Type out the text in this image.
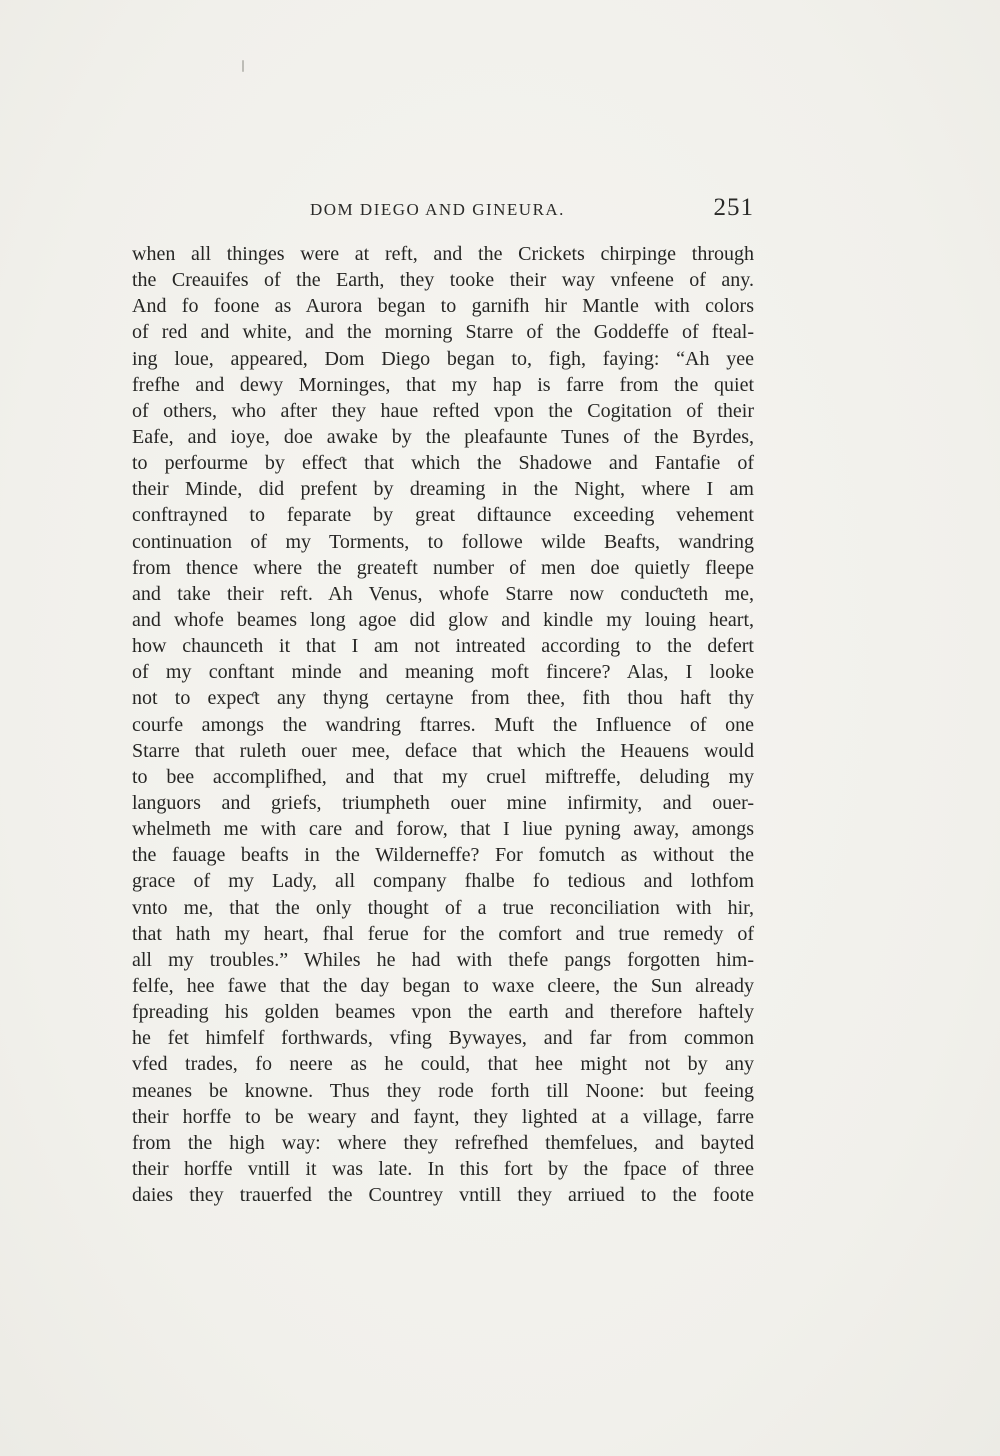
DOM DIEGO AND GINEURA.	251
when all thinges were at reft, and the Crickets chirpinge through
the Creauifes of the Earth, they tooke their way vnfeene of any.
And fo foone as Aurora began to garnifh hir Mantle with colors
of red and white, and the morning Starre of the Goddeffe of fteal-
ing loue, appeared, Dom Diego began to, figh, faying: “Ah yee
frefhe and dewy Morninges, that my hap is farre from the quiet
of others, who after they haue refted vpon the Cogitation of their
Eafe, and ioye, doe awake by the pleafaunte Tunes of the Byrdes,
to perfourme by effeƈt that which the Shadowe and Fantafie of
their Minde, did prefent by dreaming in the Night, where I am
conftrayned to feparate by great diftaunce exceeding vehement
continuation of my Torments, to followe wilde Beafts, wandring
from thence where the greateft number of men doe quietly fleepe
and take their reft. Ah Venus, whofe Starre now conduƈteth me,
and whofe beames long agoe did glow and kindle my louing heart,
how chaunceth it that I am not intreated according to the defert
of my conftant minde and meaning moft fincere? Alas, I looke
not to expeƈt any thyng certayne from thee, fith thou haft thy
courfe amongs the wandring ftarres. Muft the Influence of one
Starre that ruleth ouer mee, deface that which the Heauens would
to bee accomplifhed, and that my cruel miftreffe, deluding my
languors and griefs, triumpheth ouer mine infirmity, and ouer-
whelmeth me with care and forow, that I liue pyning away, amongs
the fauage beafts in the Wilderneffe? For fomutch as without the
grace of my Lady, all company fhalbe fo tedious and lothfom
vnto me, that the only thought of a true reconciliation with hir,
that hath my heart, fhal ferue for the comfort and true remedy of
all my troubles.” Whiles he had with thefe pangs forgotten him-
felfe, hee fawe that the day began to waxe cleere, the Sun already
fpreading his golden beames vpon the earth and therefore haftely
he fet himfelf forthwards, vfing Bywayes, and far from common
vfed trades, fo neere as he could, that hee might not by any
meanes be knowne. Thus they rode forth till Noone: but feeing
their horffe to be weary and faynt, they lighted at a village, farre
from the high way: where they refrefhed themfelues, and bayted
their horffe vntill it was late. In this fort by the fpace of three
daies they trauerfed the Countrey vntill they arriued to the foote
